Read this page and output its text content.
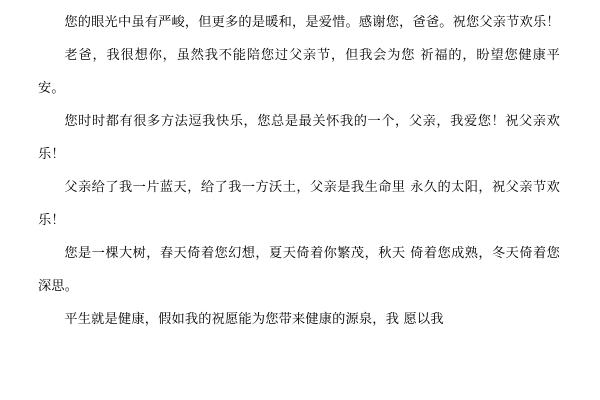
您的眼光中虽有严峻，但更多的是暖和，是爱惜。感谢您，爸爸。祝您父亲节欢乐！

老爸，我很想你，虽然我不能陪您过父亲节，但我会为您 祈福的，盼望您健康平安。

您时时都有很多方法逗我快乐，您总是最关怀我的一个，父亲，我爱您！祝父亲欢乐！

父亲给了我一片蓝天，给了我一方沃土，父亲是我生命里 永久的太阳，祝父亲节欢乐！

您是一棵大树，春天倚着您幻想，夏天倚着你繁茂，秋天 倚着您成熟，冬天倚着您深思。

平生就是健康，假如我的祝愿能为您带来健康的源泉，我 愿以我
